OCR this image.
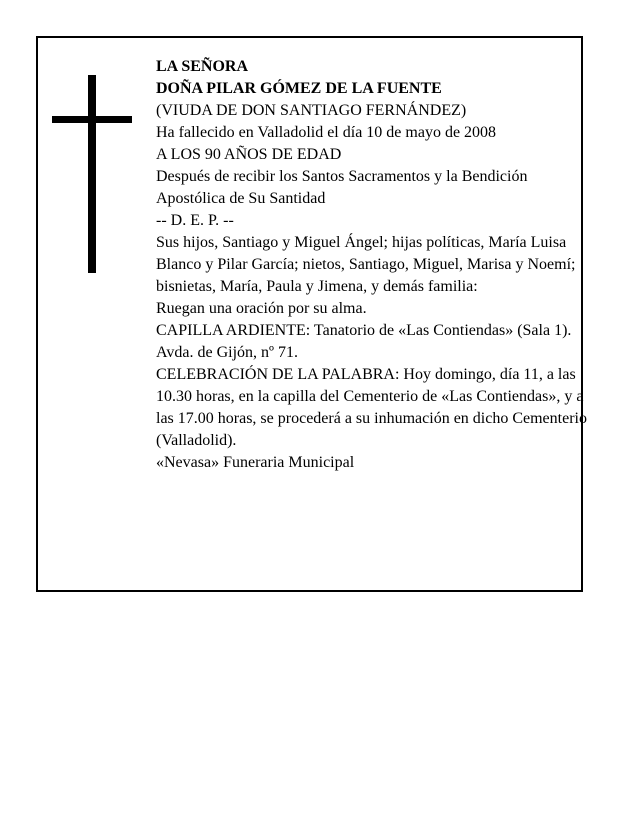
LA SEÑORA

DOÑA PILAR GÓMEZ DE LA FUENTE

(VIUDA DE DON SANTIAGO FERNÁNDEZ)

Ha fallecido en Valladolid el día 10 de mayo de 2008

A LOS 90 AÑOS DE EDAD

Después de recibir los Santos Sacramentos y la Bendición Apostólica de Su Santidad

-- D. E. P. --

Sus hijos, Santiago y Miguel Ángel; hijas políticas, María Luisa Blanco y Pilar García; nietos, Santiago, Miguel, Marisa y Noemí; bisnietas, María, Paula y Jimena, y demás familia:

Ruegan una oración por su alma.

CAPILLA ARDIENTE: Tanatorio de «Las Contiendas» (Sala 1). Avda. de Gijón, nº 71.

CELEBRACIÓN DE LA PALABRA: Hoy domingo, día 11, a las 10.30 horas, en la capilla del Cementerio de «Las Contiendas», y a las 17.00 horas, se procederá a su inhumación en dicho Cementerio (Valladolid).

«Nevasa» Funeraria Municipal
